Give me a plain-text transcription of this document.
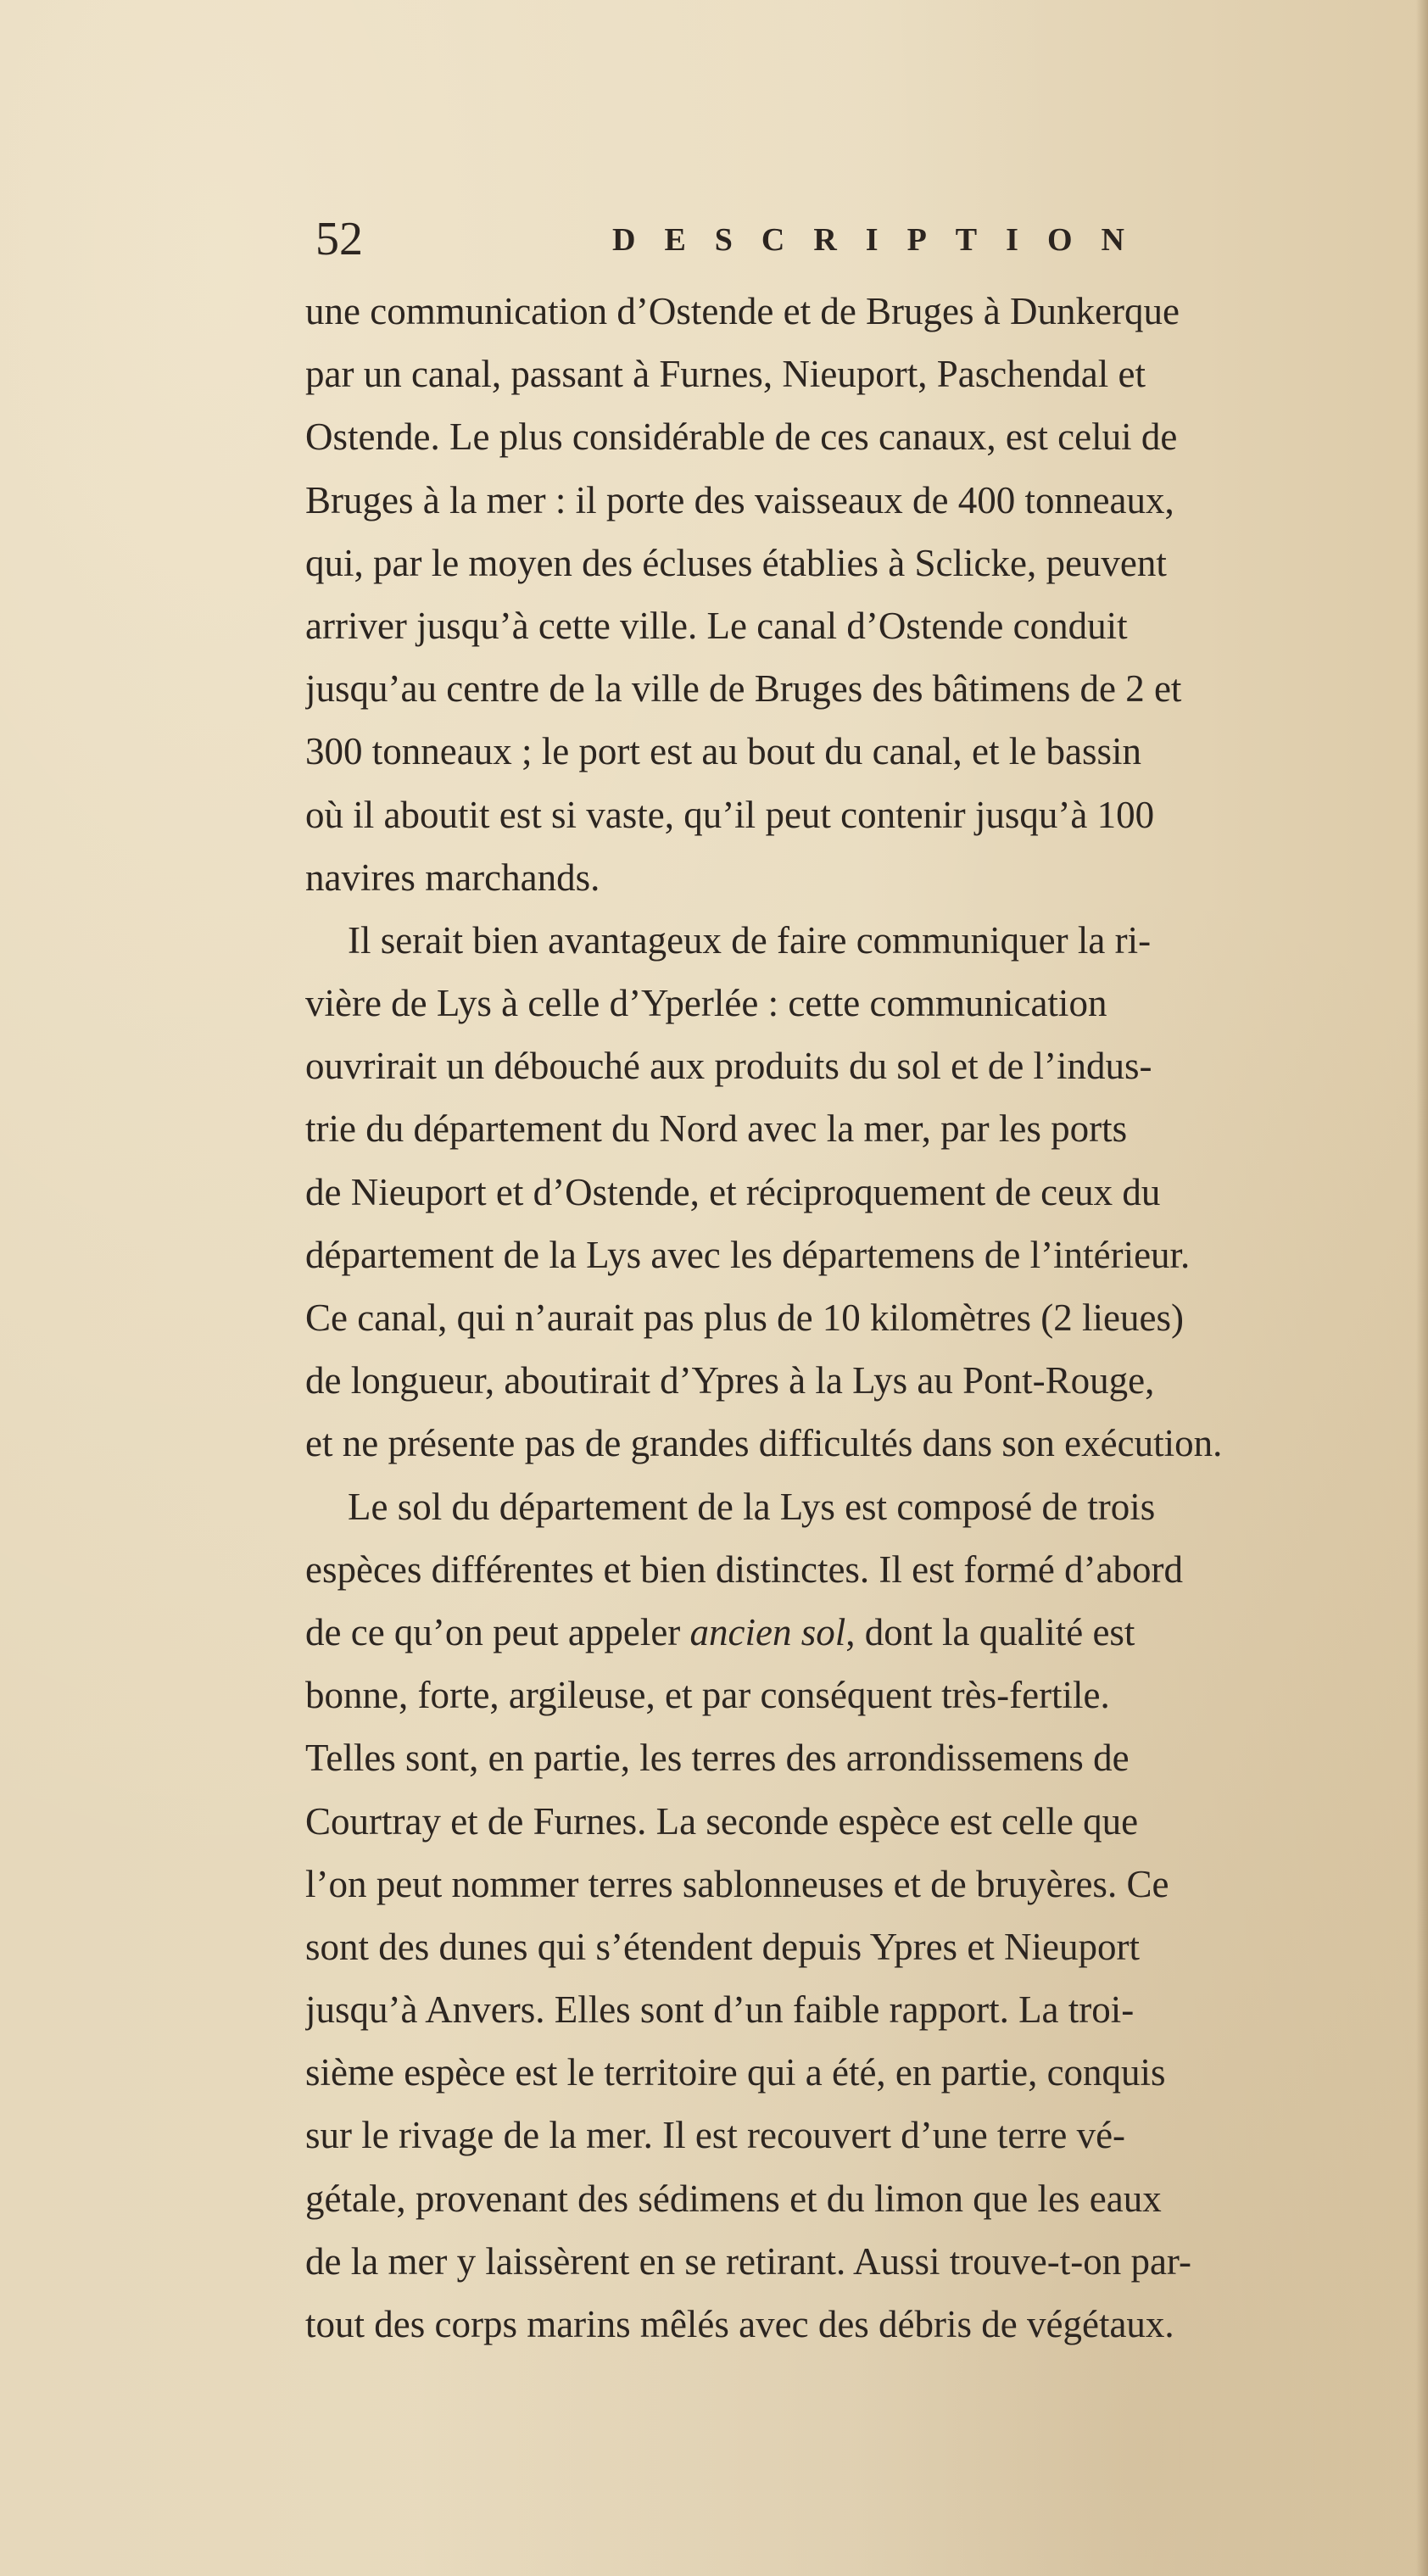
52	DESCRIPTION
une communication d’Ostende et de Bruges à Dunkerque
par un canal, passant à Furnes, Nieuport, Paschendal et
Ostende. Le plus considérable de ces canaux, est celui de
Bruges à la mer : il porte des vaisseaux de 400 tonneaux,
qui, par le moyen des écluses établies à Sclicke, peuvent
arriver jusqu’à cette ville. Le canal d’Ostende conduit
jusqu’au centre de la ville de Bruges des bâtimens de 2 et
300 tonneaux ; le port est au bout du canal, et le bassin
où il aboutit est si vaste, qu’il peut contenir jusqu’à 100
navires marchands.
Il serait bien avantageux de faire communiquer la ri-
vière de Lys à celle d’Yperlée : cette communication
ouvrirait un débouché aux produits du sol et de l’indus-
trie du département du Nord avec la mer, par les ports
de Nieuport et d’Ostende, et réciproquement de ceux du
département de la Lys avec les départemens de l’intérieur.
Ce canal, qui n’aurait pas plus de 10 kilomètres (2 lieues)
de longueur, aboutirait d’Ypres à la Lys au Pont-Rouge,
et ne présente pas de grandes difficultés dans son exécution.
Le sol du département de la Lys est composé de trois
espèces différentes et bien distinctes. Il est formé d’abord
de ce qu’on peut appeler ancien sol, dont la qualité est
bonne, forte, argileuse, et par conséquent très-fertile.
Telles sont, en partie, les terres des arrondissemens de
Courtray et de Furnes. La seconde espèce est celle que
l’on peut nommer terres sablonneuses et de bruyères. Ce
sont des dunes qui s’étendent depuis Ypres et Nieuport
jusqu’à Anvers. Elles sont d’un faible rapport. La troi-
sième espèce est le territoire qui a été, en partie, conquis
sur le rivage de la mer. Il est recouvert d’une terre vé-
gétale, provenant des sédimens et du limon que les eaux
de la mer y laissèrent en se retirant. Aussi trouve-t-on par-
tout des corps marins mêlés avec des débris de végétaux.
